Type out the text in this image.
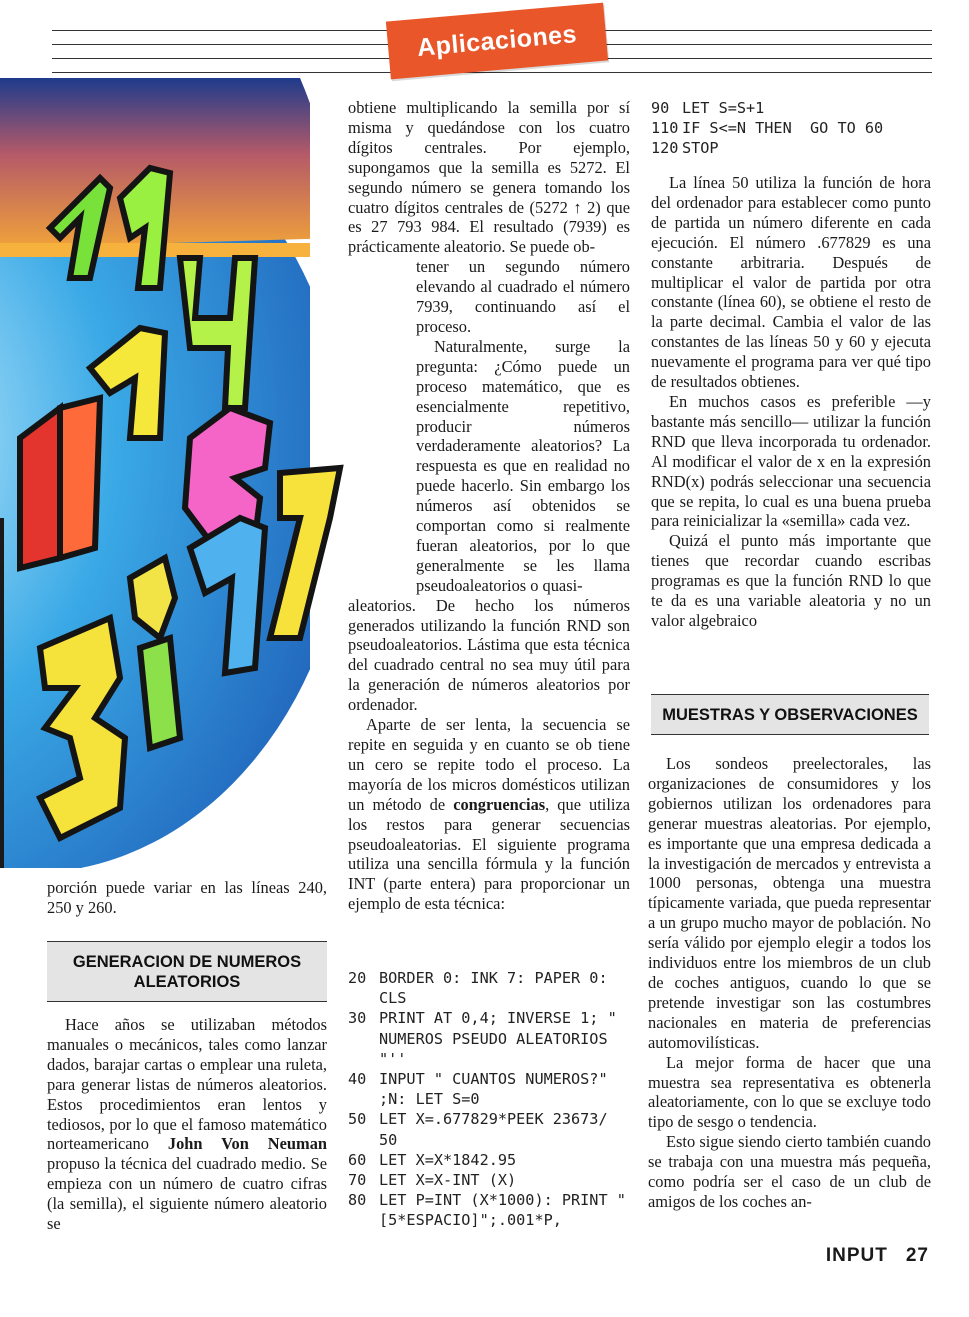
Aplicaciones

porción puede variar en las líneas 240, 250 y 260.

GENERACION DE NUMEROS ALEATORIOS

Hace años se utilizaban métodos manuales o mecánicos, tales como lanzar dados, barajar cartas o emplear una ruleta, para generar listas de números aleatorios. Estos procedimientos eran lentos y tediosos, por lo que el famoso matemático norteamericano John Von Neuman propuso la técnica del cuadrado medio. Se empieza con un número de cuatro cifras (la semilla), el siguiente número aleatorio se

obtiene multiplicando la semilla por sí misma y quedándose con los cuatro dígitos centrales. Por ejemplo, supongamos que la semilla es 5272. El segundo número se genera tomando los cuatro dígitos centrales de (5272 ↑ 2) que es 27 793 984. El resultado (7939) es prácticamente aleatorio. Se puede ob-

tener un segundo número elevando al cuadrado el número 7939, continuando así el proceso.

Naturalmente, surge la pregunta: ¿Cómo puede un proceso matemático, que es esencialmente repetitivo, producir números verdaderamente aleatorios? La respuesta es que en realidad no puede hacerlo. Sin embargo los números así obtenidos se comportan como si realmente fueran aleatorios, por lo que generalmente se les llama pseudoaleatorios o quasi-

aleatorios. De hecho los números generados utilizando la función RND son pseudoaleatorios. Lástima que esta técnica del cuadrado central no sea muy útil para la generación de números aleatorios por ordenador.

Aparte de ser lenta, la secuencia se repite en seguida y en cuanto se ob tiene un cero se repite todo el proceso. La mayoría de los micros domésticos utilizan un método de congruencias, que utiliza los restos para generar secuencias pseudoaleatorias. El siguiente programa utiliza una sencilla fórmula y la función INT (parte entera) para proporcionar un ejemplo de esta técnica:

20 BORDER 0: INK 7: PAPER 0: CLS
30 PRINT AT 0,4; INVERSE 1; " NUMEROS PSEUDO ALEATORIOS "''
40 INPUT " CUANTOS NUMEROS?" ;N: LET S=0
50 LET X=.677829*PEEK 23673/ 50
60 LET X=X*1842.95
70 LET X=X-INT (X)
80 LET P=INT (X*1000): PRINT "[5*ESPACIO]";.001*P,
90 LET S=S+1
110 IF S<=N THEN  GO TO 60
120 STOP

La línea 50 utiliza la función de hora del ordenador para establecer como punto de partida un número diferente en cada ejecución. El número .677829 es una constante arbitraria. Después de multiplicar el valor de partida por otra constante (línea 60), se obtiene el resto de la parte decimal. Cambia el valor de las constantes de las líneas 50 y 60 y ejecuta nuevamente el programa para ver qué tipo de resultados obtienes.

En muchos casos es preferible —y bastante más sencillo— utilizar la función RND que lleva incorporada tu ordenador. Al modificar el valor de x en la expresión RND(x) podrás seleccionar una secuencia que se repita, lo cual es una buena prueba para reinicializar la «semilla» cada vez.

Quizá el punto más importante que tienes que recordar cuando escribas programas es que la función RND lo que te da es una variable aleatoria y no un valor algebraico

MUESTRAS Y OBSERVACIONES

Los sondeos preelectorales, las organizaciones de consumidores y los gobiernos utilizan los ordenadores para generar muestras aleatorias. Por ejemplo, es importante que una empresa dedicada a la investigación de mercados y entrevista a 1000 personas, obtenga una muestra típicamente variada, que pueda representar a un grupo mucho mayor de población. No sería válido por ejemplo elegir a todos los individuos entre los miembros de un club de coches antiguos, cuando lo que se pretende investigar son las costumbres nacionales en materia de preferencias automovilísticas.

La mejor forma de hacer que una muestra sea representativa es obtenerla aleatoriamente, con lo que se excluye todo tipo de sesgo o tendencia.

Esto sigue siendo cierto también cuando se trabaja con una muestra más pequeña, como podría ser el caso de un club de amigos de los coches an-

INPUT 27
